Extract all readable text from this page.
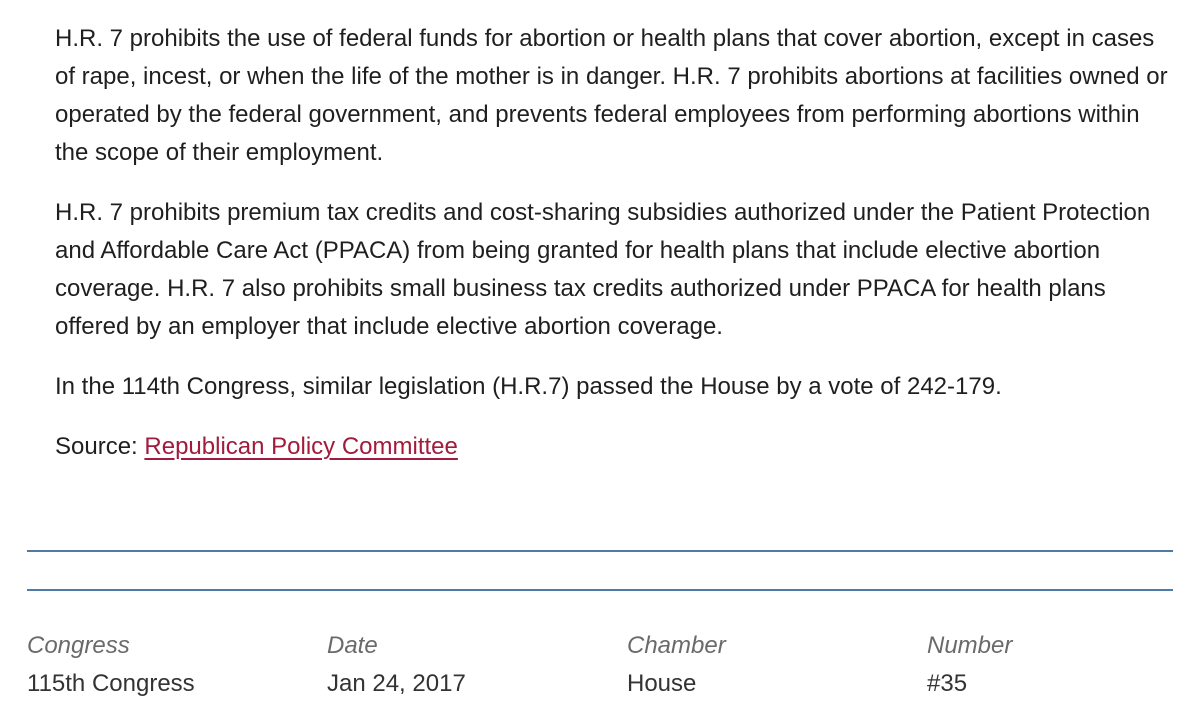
H.R. 7 prohibits the use of federal funds for abortion or health plans that cover abortion, except in cases of rape, incest, or when the life of the mother is in danger. H.R. 7 prohibits abortions at facilities owned or operated by the federal government, and prevents federal employees from performing abortions within the scope of their employment.

H.R. 7 prohibits premium tax credits and cost-sharing subsidies authorized under the Patient Protection and Affordable Care Act (PPACA) from being granted for health plans that include elective abortion coverage. H.R. 7 also prohibits small business tax credits authorized under PPACA for health plans offered by an employer that include elective abortion coverage.

In the 114th Congress, similar legislation (H.R.7) passed the House by a vote of 242-179.

Source: Republican Policy Committee

Congress
115th Congress
Date
Jan 24, 2017
Chamber
House
Number
#35
